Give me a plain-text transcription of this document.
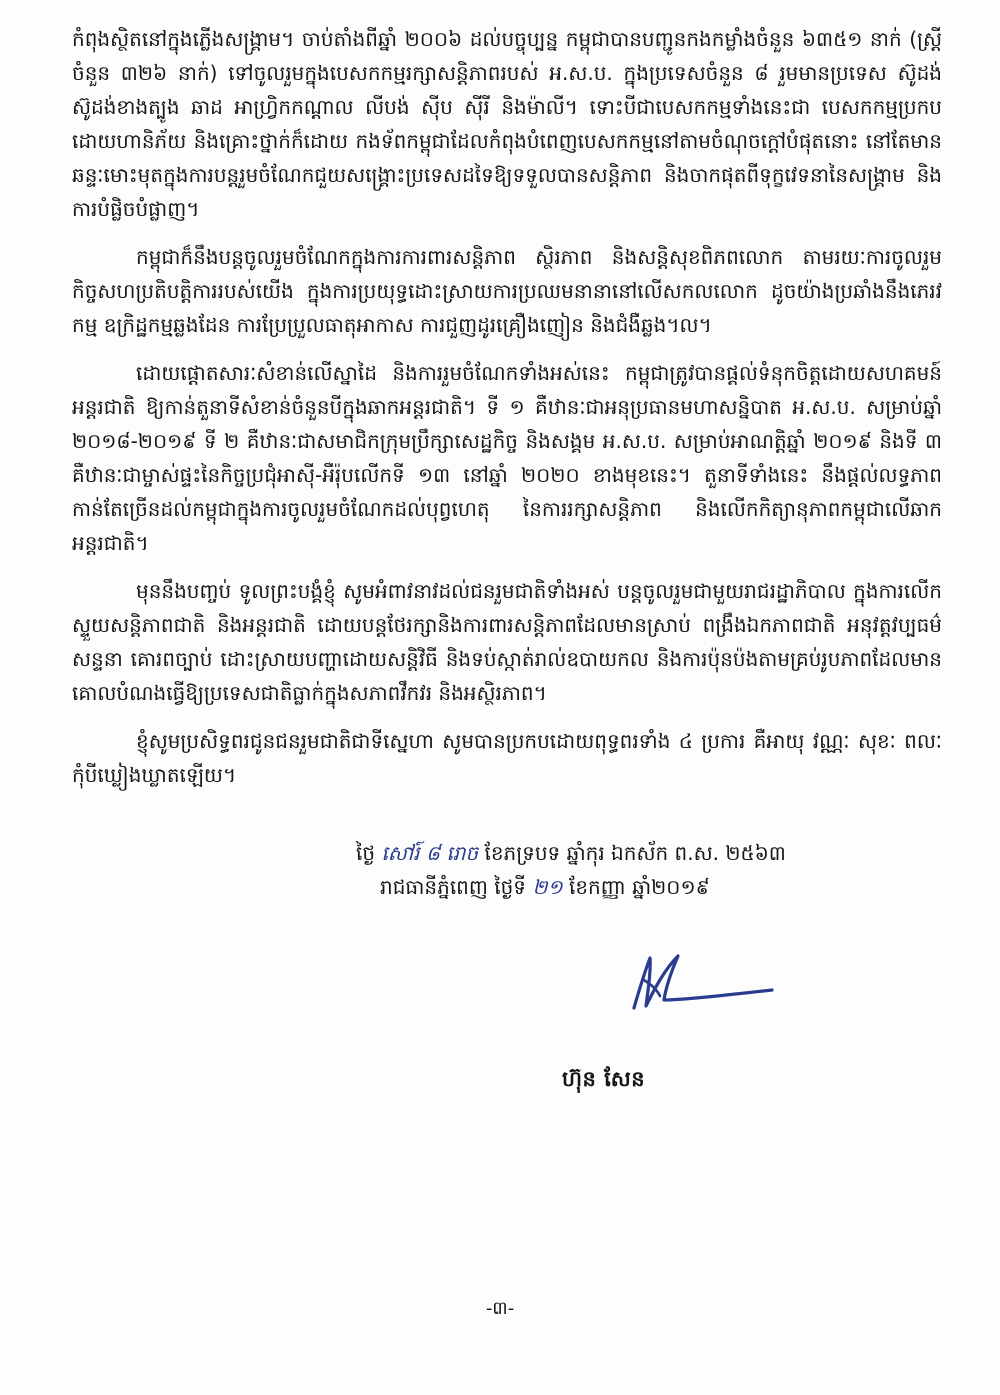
កំពុងស្ថិតនៅក្នុងភ្លើងសង្គ្រាម។ ចាប់តាំងពីឆ្នាំ ២០០៦ ដល់បច្ចុប្បន្ន កម្ពុជាបានបញ្ជូនកងកម្លាំងចំនួន ៦៣៥១ នាក់ (ស្ត្រីចំនួន ៣២៦ នាក់) ទៅចូលរួមក្នុងបេសកកម្មរក្សាសន្តិភាពរបស់ អ.ស.ប. ក្នុងប្រទេសចំនួន ៨ រួមមានប្រទេស ស៊ូដង់ ស៊ូដង់ខាងត្បូង ឆាដ អាហ្វ្រិកកណ្ដាល លីបង់ ស៊ីប ស៊ីរី និងម៉ាលី។ ទោះបីជាបេសកកម្មទាំងនេះជា បេសកកម្មប្រកបដោយហានិភ័យ និងគ្រោះថ្នាក់ក៏ដោយ កងទ័ពកម្ពុជាដែលកំពុងបំពេញបេសកកម្មនៅតាមចំណុចក្ដៅបំផុតនោះ នៅតែមានឆន្ទៈមោះមុតក្នុងការបន្តរួមចំណែកជួយសង្គ្រោះប្រទេសដទៃឱ្យទទួលបានសន្តិភាព និងចាកផុតពីទុក្ខវេទនានៃសង្គ្រាម និងការបំផ្លិចបំផ្លាញ។

កម្ពុជាក៏នឹងបន្តចូលរួមចំណែកក្នុងការការពារសន្តិភាព ស្ថិរភាព និងសន្តិសុខពិភពលោក តាមរយៈការចូលរួមកិច្ចសហប្រតិបត្តិការរបស់យើង ក្នុងការប្រយុទ្ធដោះស្រាយការប្រឈមនានានៅលើសកលលោក ដូចយ៉ាងប្រឆាំងនឹងភេរវកម្ម ឧក្រិដ្ឋកម្មឆ្លងដែន ការប្រែប្រួលធាតុអាកាស ការជួញដូរគ្រឿងញៀន និងជំងឺឆ្លង។ល។

ដោយផ្ដោតសារៈសំខាន់លើស្នាដៃ និងការរួមចំណែកទាំងអស់នេះ កម្ពុជាត្រូវបានផ្ដល់ទំនុកចិត្តដោយសហគមន៍អន្តរជាតិ ឱ្យកាន់តួនាទីសំខាន់ចំនួនបីក្នុងឆាកអន្តរជាតិ។ ទី ១ គឺឋានៈជាអនុប្រធានមហាសន្និបាត អ.ស.ប. សម្រាប់ឆ្នាំ ២០១៨-២០១៩ ទី ២ គឺឋានៈជាសមាជិកក្រុមប្រឹក្សាសេដ្ឋកិច្ច និងសង្គម អ.ស.ប. សម្រាប់អាណត្តិឆ្នាំ ២០១៩ និងទី ៣ គឺឋានៈជាម្ចាស់ផ្ទះនៃកិច្ចប្រជុំអាស៊ី-អឺរ៉ុបលើកទី ១៣ នៅឆ្នាំ ២០២០ ខាងមុខនេះ។ តួនាទីទាំងនេះ នឹងផ្ដល់លទ្ធភាពកាន់តែច្រើនដល់កម្ពុជាក្នុងការចូលរួមចំណែកដល់បុព្វហេតុ នៃការរក្សាសន្តិភាព និងលើកកិត្យានុភាពកម្ពុជាលើឆាកអន្តរជាតិ។

មុននឹងបញ្ចប់ ទូលព្រះបង្គំខ្ញុំ សូមអំពាវនាវដល់ជនរួមជាតិទាំងអស់ បន្តចូលរួមជាមួយរាជរដ្ឋាភិបាល ក្នុងការលើកស្ទួយសន្តិភាពជាតិ និងអន្តរជាតិ ដោយបន្តថែរក្សានិងការពារសន្តិភាពដែលមានស្រាប់ ពង្រឹងឯកភាពជាតិ អនុវត្តវប្បធម៌សន្ទនា គោរពច្បាប់ ដោះស្រាយបញ្ហាដោយសន្តិវិធី និងទប់ស្កាត់រាល់ឧបាយកល និងការប៉ុនប៉ងតាមគ្រប់រូបភាពដែលមានគោលបំណងធ្វើឱ្យប្រទេសជាតិធ្លាក់ក្នុងសភាពវឹកវរ និងអស្ថិរភាព។

ខ្ញុំសូមប្រសិទ្ធពរជូនជនរួមជាតិជាទីស្នេហា សូមបានប្រកបដោយពុទ្ធពរទាំង ៤ ប្រការ គឺអាយុ វណ្ណៈ សុខៈ ពលៈ កុំបីឃ្លៀងឃ្លាតឡើយ។

ថ្ងៃ សៅរ៍ ៨ រោច ខែភទ្របទ ឆ្នាំកុរ ឯកស័ក ព.ស. ២៥៦៣
រាជធានីភ្នំពេញ ថ្ងៃទី ២១ ខែកញ្ញា ឆ្នាំ២០១៩
ហ៊ុន សែន
-៣-
